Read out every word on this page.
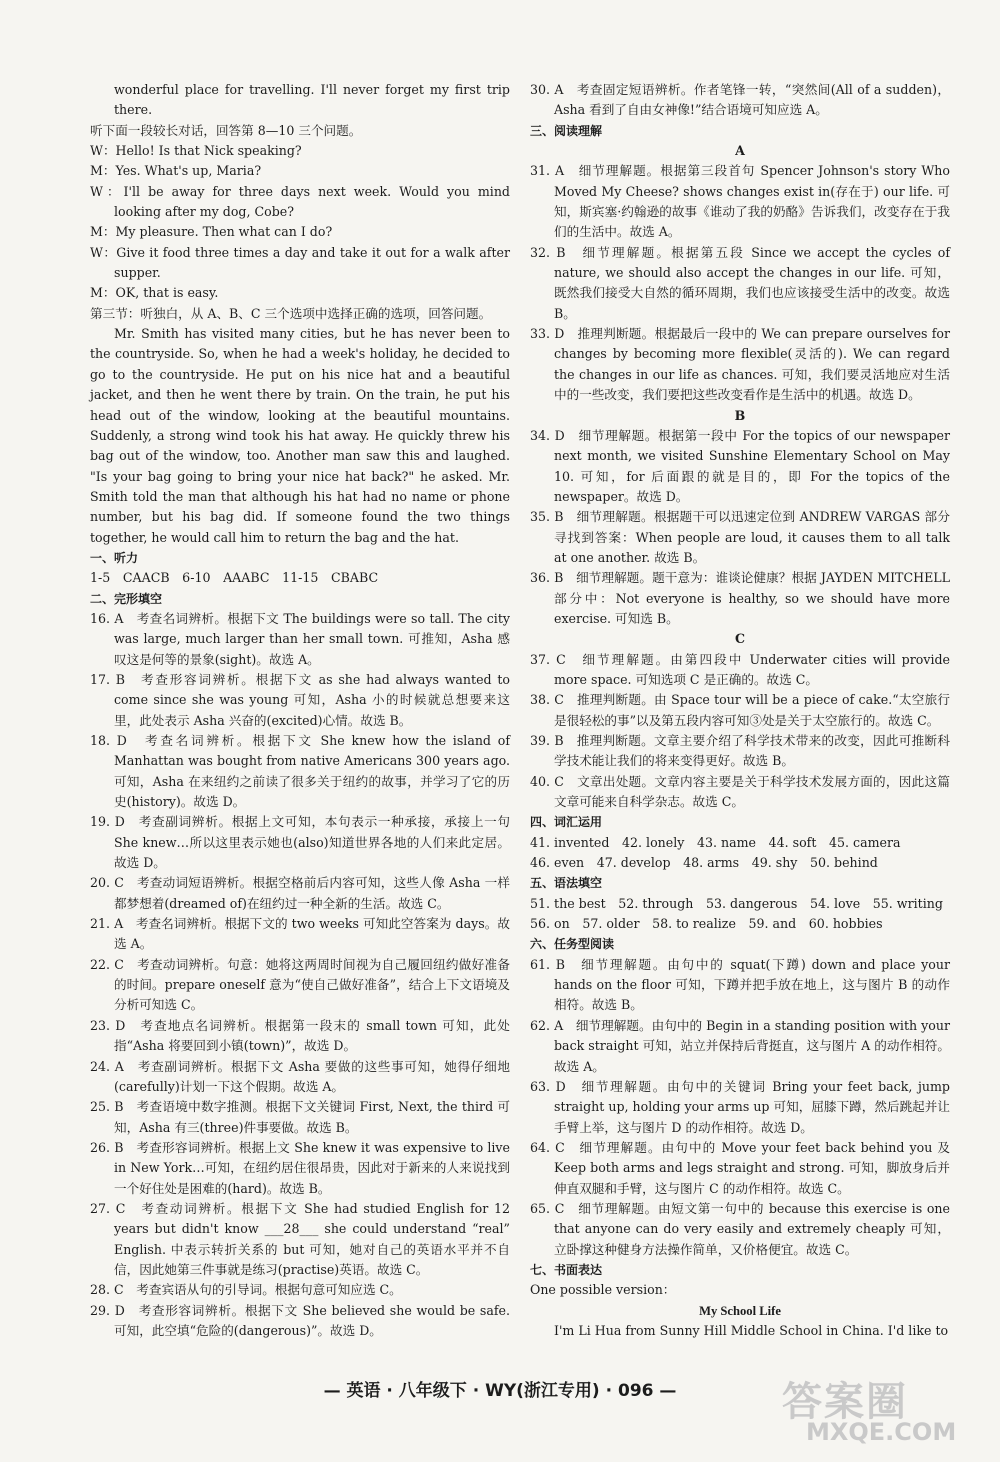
wonderful place for travelling. I'll never forget my first trip there.

听下面一段较长对话，回答第 8—10 三个问题。

W：Hello! Is that Nick speaking?

M：Yes. What's up, Maria?

W：I'll be away for three days next week. Would you mind looking after my dog, Cobe?

M：My pleasure. Then what can I do?

W：Give it food three times a day and take it out for a walk after supper.

M：OK, that is easy.

第三节：听独白，从 A、B、C 三个选项中选择正确的选项，回答问题。

Mr. Smith has visited many cities, but he has never been to the countryside. So, when he had a week's holiday, he decided to go to the countryside. He put on his nice hat and a beautiful jacket, and then he went there by train. On the train, he put his head out of the window, looking at the beautiful mountains. Suddenly, a strong wind took his hat away. He quickly threw his bag out of the window, too. Another man saw this and laughed. "Is your bag going to bring your nice hat back?" he asked. Mr. Smith told the man that although his hat had no name or phone number, but his bag did. If someone found the two things together, he would call him to return the bag and the hat.

一、听力

1-5　CAACB　6-10　AAABC　11-15　CBABC

二、完形填空

16. A　考查名词辨析。根据下文 The buildings were so tall. The city was large, much larger than her small town. 可推知，Asha 感叹这是何等的景象(sight)。故选 A。

17. B　考查形容词辨析。根据下文 as she had always wanted to come since she was young 可知，Asha 小的时候就总想要来这里，此处表示 Asha 兴奋的(excited)心情。故选 B。

18. D　考查名词辨析。根据下文 She knew how the island of Manhattan was bought from native Americans 300 years ago. 可知，Asha 在来纽约之前读了很多关于纽约的故事，并学习了它的历史(history)。故选 D。

19. D　考查副词辨析。根据上文可知，本句表示一种承接，承接上一句 She knew…所以这里表示她也(also)知道世界各地的人们来此定居。故选 D。

20. C　考查动词短语辨析。根据空格前后内容可知，这些人像 Asha 一样都梦想着(dreamed of)在纽约过一种全新的生活。故选 C。

21. A　考查名词辨析。根据下文的 two weeks 可知此空答案为 days。故选 A。

22. C　考查动词辨析。句意：她将这两周时间视为自己履回纽约做好准备的时间。prepare oneself 意为“使自己做好准备”，结合上下文语境及分析可知选 C。

23. D　考查地点名词辨析。根据第一段末的 small town 可知，此处指“Asha 将要回到小镇(town)”，故选 D。

24. A　考查副词辨析。根据下文 Asha 要做的这些事可知，她得仔细地(carefully)计划一下这个假期。故选 A。

25. B　考查语境中数字推测。根据下文关键词 First, Next, the third 可知，Asha 有三(three)件事要做。故选 B。

26. B　考查形容词辨析。根据上文 She knew it was expensive to live in New York…可知，在纽约居住很昂贵，因此对于新来的人来说找到一个好住处是困难的(hard)。故选 B。

27. C　考查动词辨析。根据下文 She had studied English for 12 years but didn't know ___28___ she could understand “real” English. 中表示转折关系的 but 可知，她对自己的英语水平并不自信，因此她第三件事就是练习(practise)英语。故选 C。

28. C　考查宾语从句的引导词。根据句意可知应选 C。

29. D　考查形容词辨析。根据下文 She believed she would be safe. 可知，此空填“危险的(dangerous)”。故选 D。

30. A　考查固定短语辨析。作者笔锋一转，“突然间(All of a sudden)，Asha 看到了自由女神像!”结合语境可知应选 A。

三、阅读理解

A

31. A　细节理解题。根据第三段首句 Spencer Johnson's story Who Moved My Cheese? shows changes exist in(存在于) our life. 可知，斯宾塞·约翰逊的故事《谁动了我的奶酪》告诉我们，改变存在于我们的生活中。故选 A。

32. B　细节理解题。根据第五段 Since we accept the cycles of nature, we should also accept the changes in our life. 可知，既然我们接受大自然的循环周期，我们也应该接受生活中的改变。故选 B。

33. D　推理判断题。根据最后一段中的 We can prepare ourselves for changes by becoming more flexible(灵活的). We can regard the changes in our life as chances. 可知，我们要灵活地应对生活中的一些改变，我们要把这些改变看作是生活中的机遇。故选 D。

B

34. D　细节理解题。根据第一段中 For the topics of our newspaper next month, we visited Sunshine Elementary School on May 10. 可知，for 后面跟的就是目的，即 For the topics of the newspaper。故选 D。

35. B　细节理解题。根据题干可以迅速定位到 ANDREW VARGAS 部分寻找到答案：When people are loud, it causes them to all talk at one another. 故选 B。

36. B　细节理解题。题干意为：谁谈论健康？根据 JAYDEN MITCHELL 部分中：Not everyone is healthy, so we should have more exercise. 可知选 B。

C

37. C　细节理解题。由第四段中 Underwater cities will provide more space. 可知选项 C 是正确的。故选 C。

38. C　推理判断题。由 Space tour will be a piece of cake.“太空旅行是很轻松的事”以及第五段内容可知③处是关于太空旅行的。故选 C。

39. B　推理判断题。文章主要介绍了科学技术带来的改变，因此可推断科学技术能让我们的将来变得更好。故选 B。

40. C　文章出处题。文章内容主要是关于科学技术发展方面的，因此这篇文章可能来自科学杂志。故选 C。

四、词汇运用

41. invented　42. lonely　43. name　44. soft　45. camera

46. even　47. develop　48. arms　49. shy　50. behind

五、语法填空

51. the best　52. through　53. dangerous　54. love　55. writing

56. on　57. older　58. to realize　59. and　60. hobbies

六、任务型阅读

61. B　细节理解题。由句中的 squat(下蹲) down and place your hands on the floor 可知，下蹲并把手放在地上，这与图片 B 的动作相符。故选 B。

62. A　细节理解题。由句中的 Begin in a standing position with your back straight 可知，站立并保持后背挺直，这与图片 A 的动作相符。故选 A。

63. D　细节理解题。由句中的关键词 Bring your feet back, jump straight up, holding your arms up 可知，屈膝下蹲，然后跳起并让手臂上举，这与图片 D 的动作相符。故选 D。

64. C　细节理解题。由句中的 Move your feet back behind you 及 Keep both arms and legs straight and strong. 可知，脚放身后并伸直双腿和手臂，这与图片 C 的动作相符。故选 C。

65. C　细节理解题。由短文第一句中的 because this exercise is one that anyone can do very easily and extremely cheaply 可知，立卧撑这种健身方法操作简单，又价格便宜。故选 C。

七、书面表达

One possible version：

My School Life

I'm Li Hua from Sunny Hill Middle School in China. I'd like to

— 英语 · 八年级下 · WY(浙江专用) · 096 —	答案圈
MXQE.COM
